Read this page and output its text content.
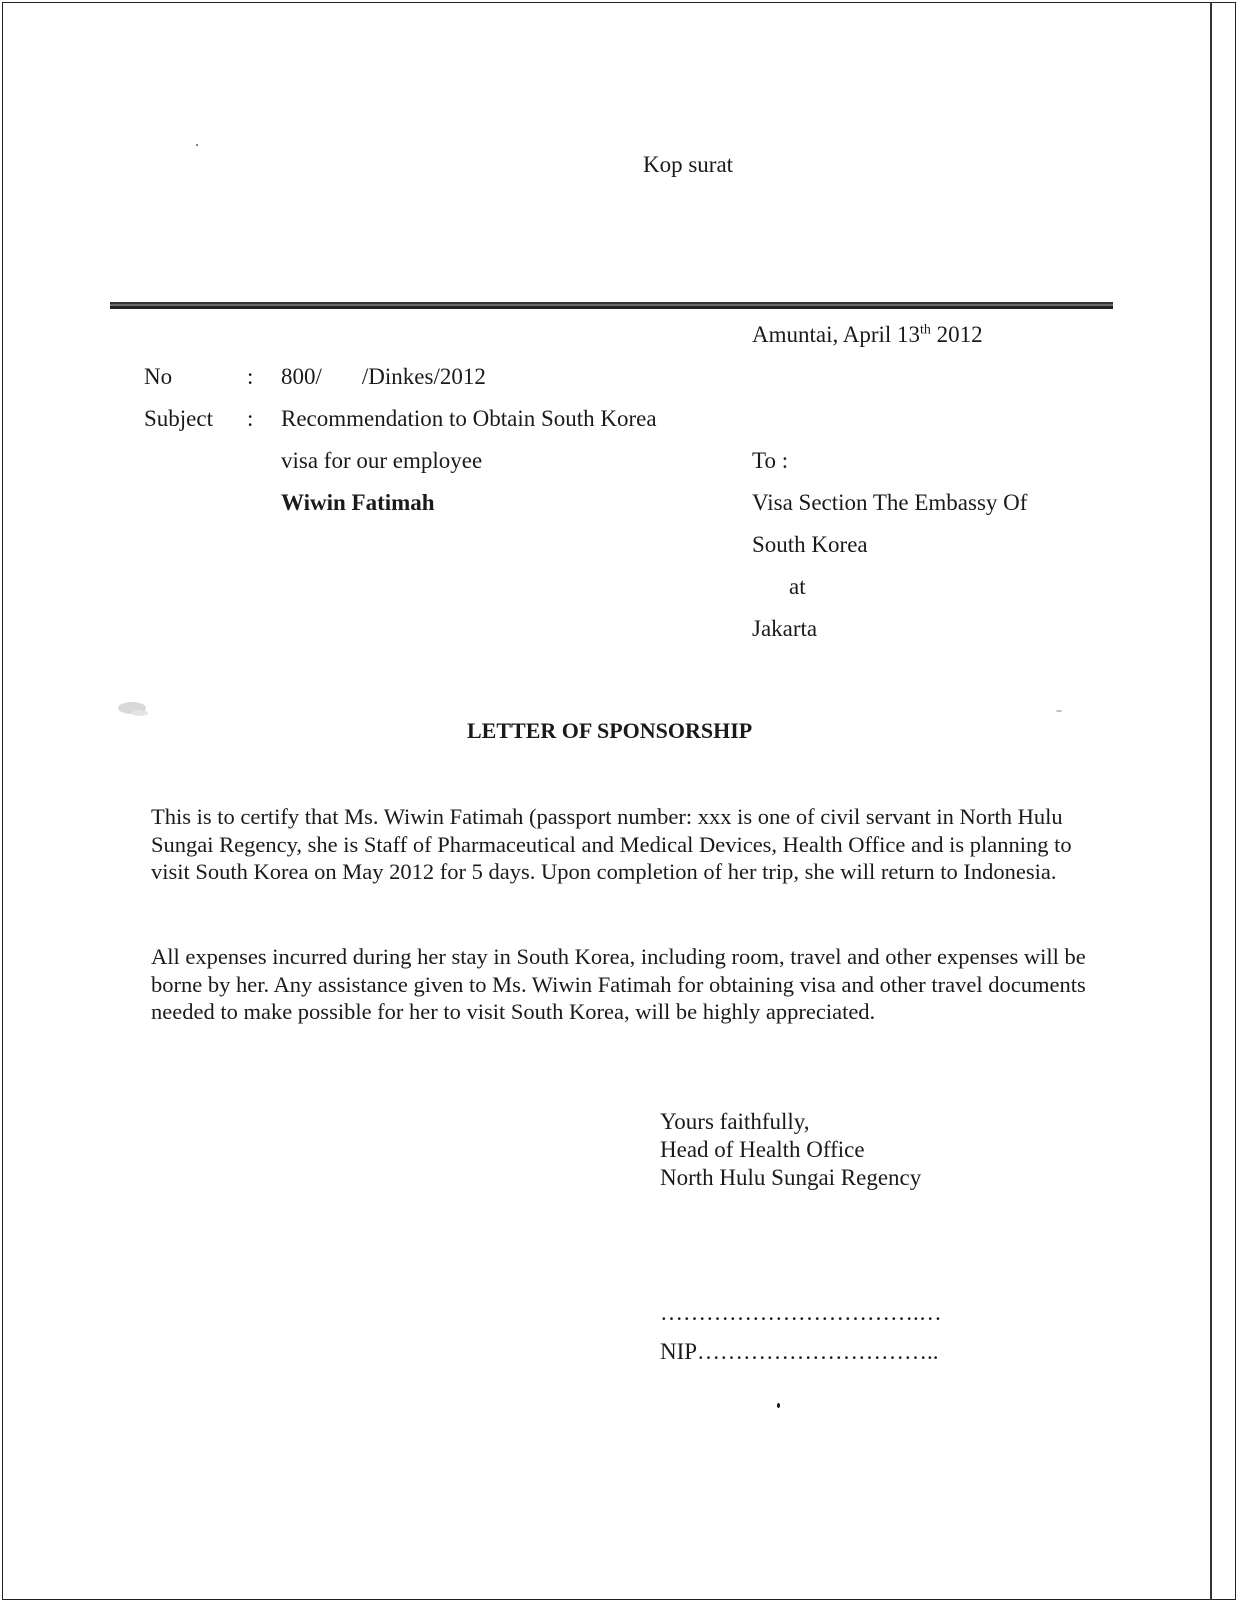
Kop surat
Amuntai, April 13th 2012
No	: 800/ /Dinkes/2012
Subject : Recommendation to Obtain South Korea
visa for our employee
Wiwin Fatimah
To :
Visa Section The Embassy Of
South Korea
at
Jakarta
LETTER OF SPONSORSHIP
This is to certify that Ms. Wiwin Fatimah (passport number: xxx is one of civil servant in North Hulu Sungai Regency, she is Staff of Pharmaceutical and Medical Devices, Health Office and is planning to visit South Korea on May 2012 for 5 days. Upon completion of her trip, she will return to Indonesia.
All expenses incurred during her stay in South Korea, including room, travel and other expenses will be borne by her. Any assistance given to Ms. Wiwin Fatimah for obtaining visa and other travel documents needed to make possible for her to visit South Korea, will be highly appreciated.
Yours faithfully,
Head of Health Office
North Hulu Sungai Regency
…………………………….…
NIP…………………………..
